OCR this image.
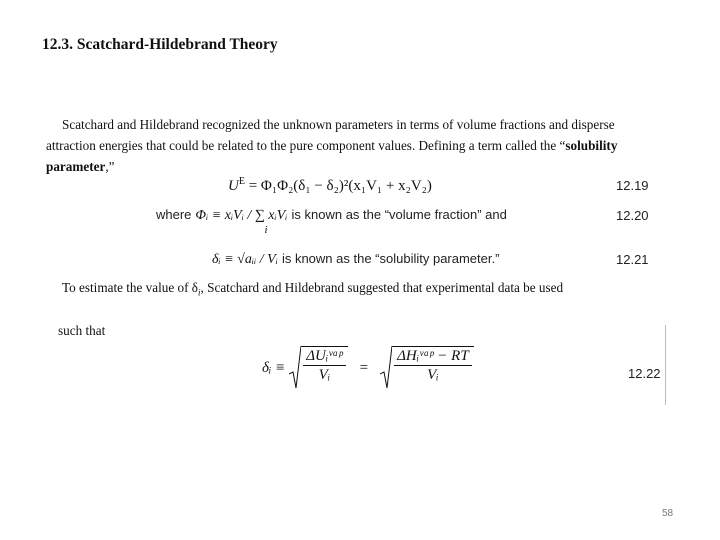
12.3. Scatchard-Hildebrand Theory
Scatchard and Hildebrand recognized the unknown parameters in terms of volume fractions and disperse attraction energies that could be related to the pure component values. Defining a term called the “solubility parameter,”
$U^E = \Phi_1\Phi_2(\delta_1 - \delta_2)^2(x_1V_1 + x_2V_2)$	12.19
where Φᵢ ≡ xᵢVᵢ / ∑ xᵢVᵢ
i
is known as the “volume fraction” and	12.20
δᵢ ≡ √aᵢᵢ / Vᵢ is known as the “solubility parameter.”	12.21
To estimate the value of $\delta_i$, Scatchard and Hildebrand suggested that experimental data be used
such that
δᵢ ≡ $\frac{\text{ΔUᵢᵛᵃᵖ}}{\text{Vᵢ}} = \frac{\text{ΔHᵢᵛᵃᵖ − RT}}{\text{Vᵢ}}$	12.22
58
